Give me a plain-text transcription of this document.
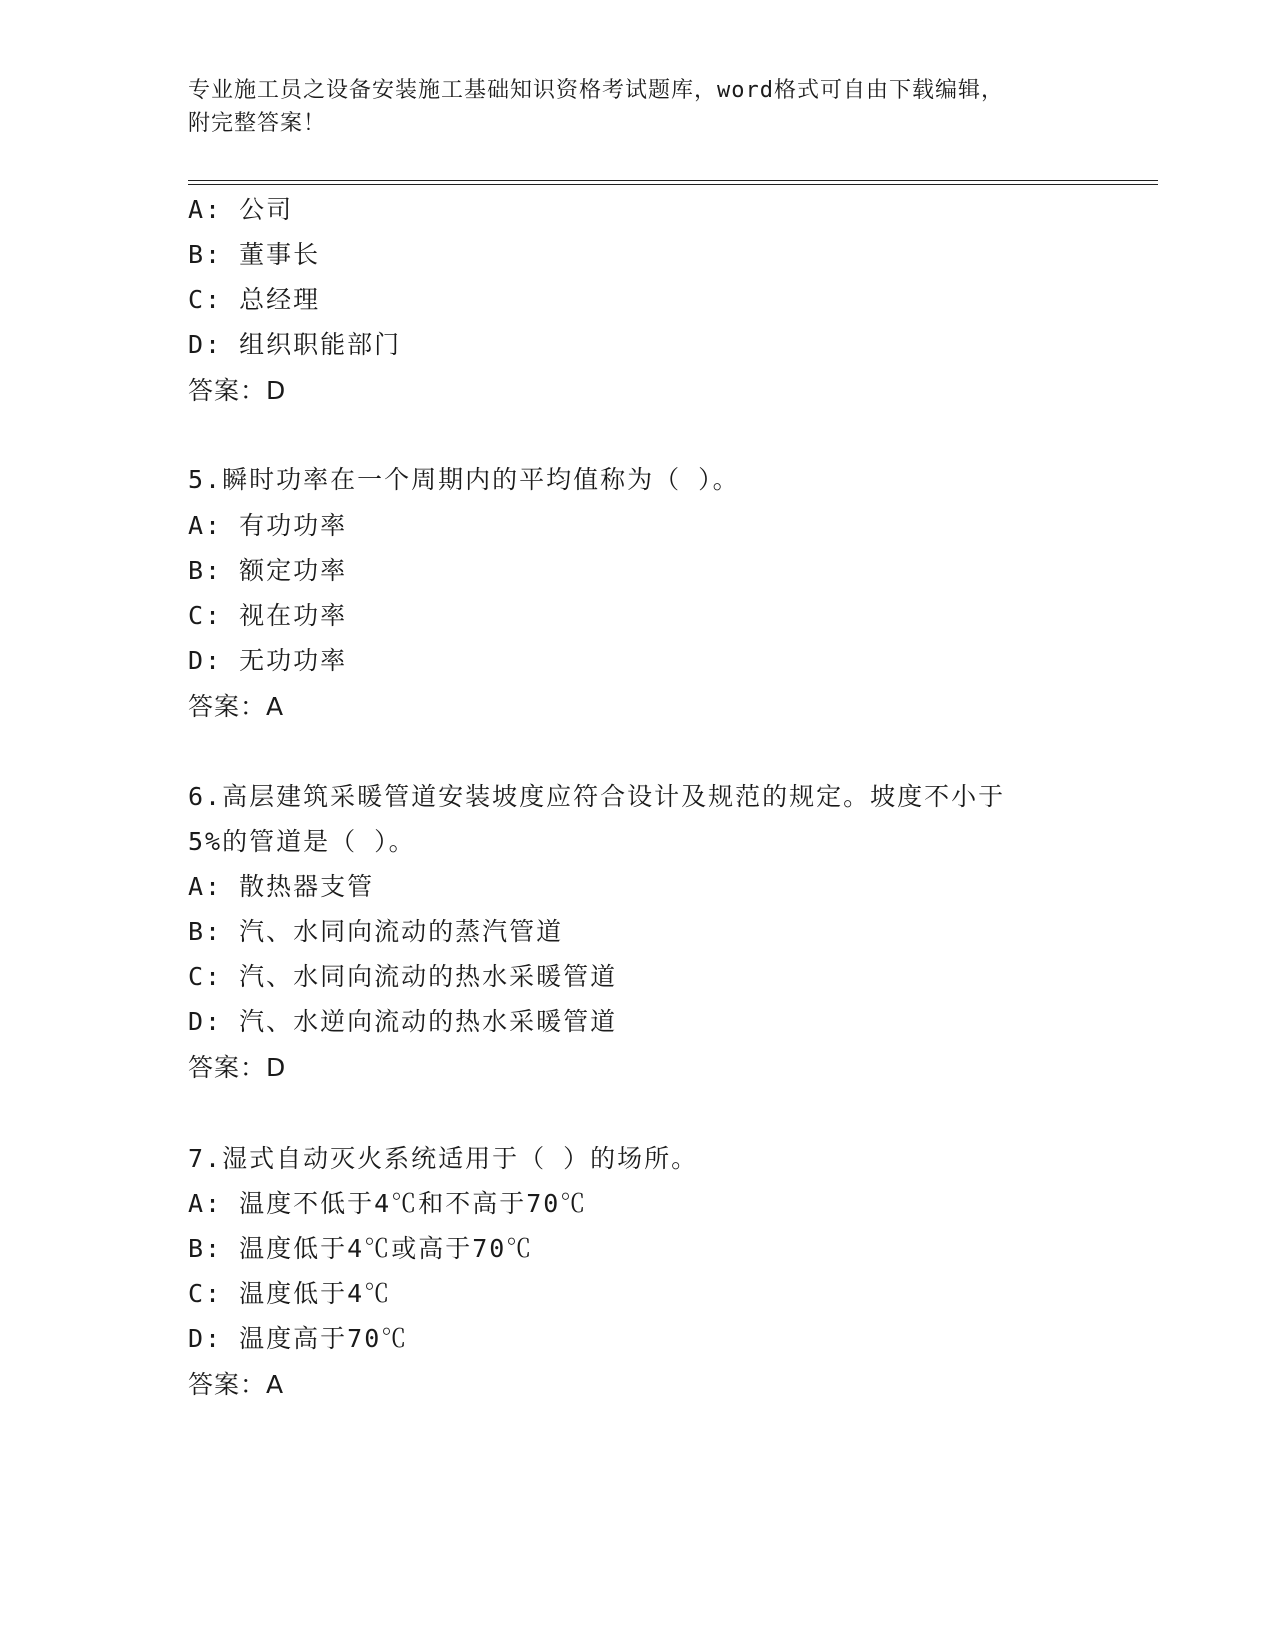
专业施工员之设备安装施工基础知识资格考试题库，word格式可自由下载编辑，
附完整答案！
A: 公司
B: 董事长
C: 总经理
D: 组织职能部门
答案：D
5.瞬时功率在一个周期内的平均值称为（ ）。
A: 有功功率
B: 额定功率
C: 视在功率
D: 无功功率
答案：A
6.高层建筑采暖管道安装坡度应符合设计及规范的规定。坡度不小于
5%的管道是（ ）。
A: 散热器支管
B: 汽、水同向流动的蒸汽管道
C: 汽、水同向流动的热水采暖管道
D: 汽、水逆向流动的热水采暖管道
答案：D
7.湿式自动灭火系统适用于（ ）的场所。
A: 温度不低于4℃和不高于70℃
B: 温度低于4℃或高于70℃
C: 温度低于4℃
D: 温度高于70℃
答案：A
